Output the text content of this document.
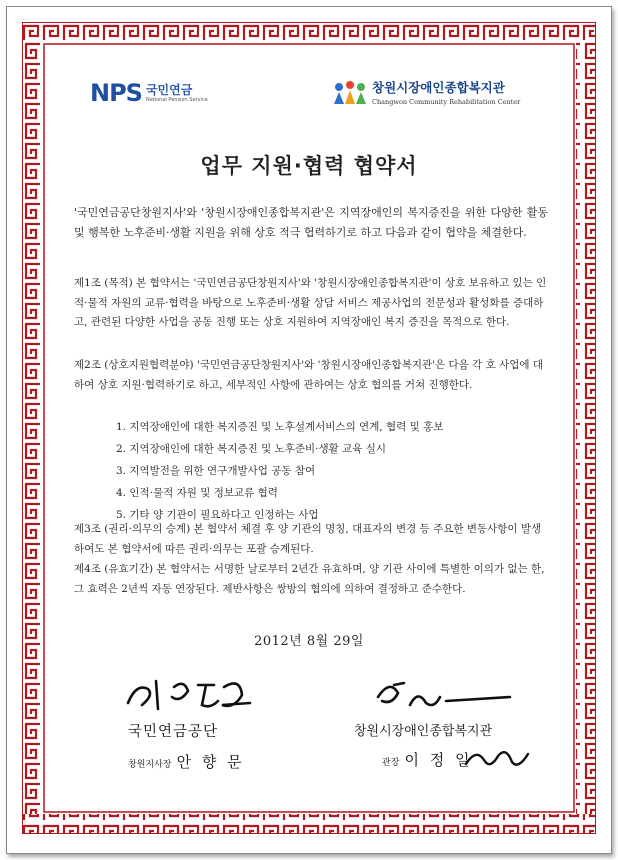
NPS 국민연금
National Pension Service
창원시장애인종합복지관
Changwon Community Rehabilitation Center
업무 지원·협력 협약서
'국민연금공단창원지사'와 '창원시장애인종합복지관'은 지역장애인의 복지증진을 위한 다양한 활동 및 행복한 노후준비·생활 지원을 위해 상호 적극 협력하기로 하고 다음과 같이 협약을 체결한다.
제1조 (목적) 본 협약서는 '국민연금공단창원지사'와 '창원시장애인종합복지관'이 상호 보유하고 있는 인적·물적 자원의 교류·협력을 바탕으로 노후준비·생활 상담 서비스 제공사업의 전문성과 활성화를 증대하고, 관련된 다양한 사업을 공동 진행 또는 상호 지원하여 지역장애인 복지 증진을 목적으로 한다.
제2조 (상호지원협력분야) '국민연금공단창원지사'와 '창원시장애인종합복지관'은 다음 각 호 사업에 대하여 상호 지원·협력하기로 하고, 세부적인 사항에 관하여는 상호 협의를 거쳐 진행한다.
1. 지역장애인에 대한 복지증진 및 노후설계서비스의 연계, 협력 및 홍보
2. 지역장애인에 대한 복지증진 및 노후준비·생활 교육 실시
3. 지역발전을 위한 연구개발사업 공동 참여
4. 인적·물적 자원 및 정보교류 협력
5. 기타 양 기관이 필요하다고 인정하는 사업
제3조 (권리·의무의 승계) 본 협약서 체결 후 양 기관의 명칭, 대표자의 변경 등 주요한 변동사항이 발생하여도 본 협약서에 따른 권리·의무는 포괄 승계된다.
제4조 (유효기간) 본 협약서는 서명한 날로부터 2년간 유효하며, 양 기관 사이에 특별한 이의가 없는 한, 그 효력은 2년씩 자동 연장된다. 제반사항은 쌍방의 협의에 의하여 결정하고 준수한다.
2012년 8월 29일
국민연금공단
창원지사장 안 향 문
창원시장애인종합복지관
관장 이 정 일
